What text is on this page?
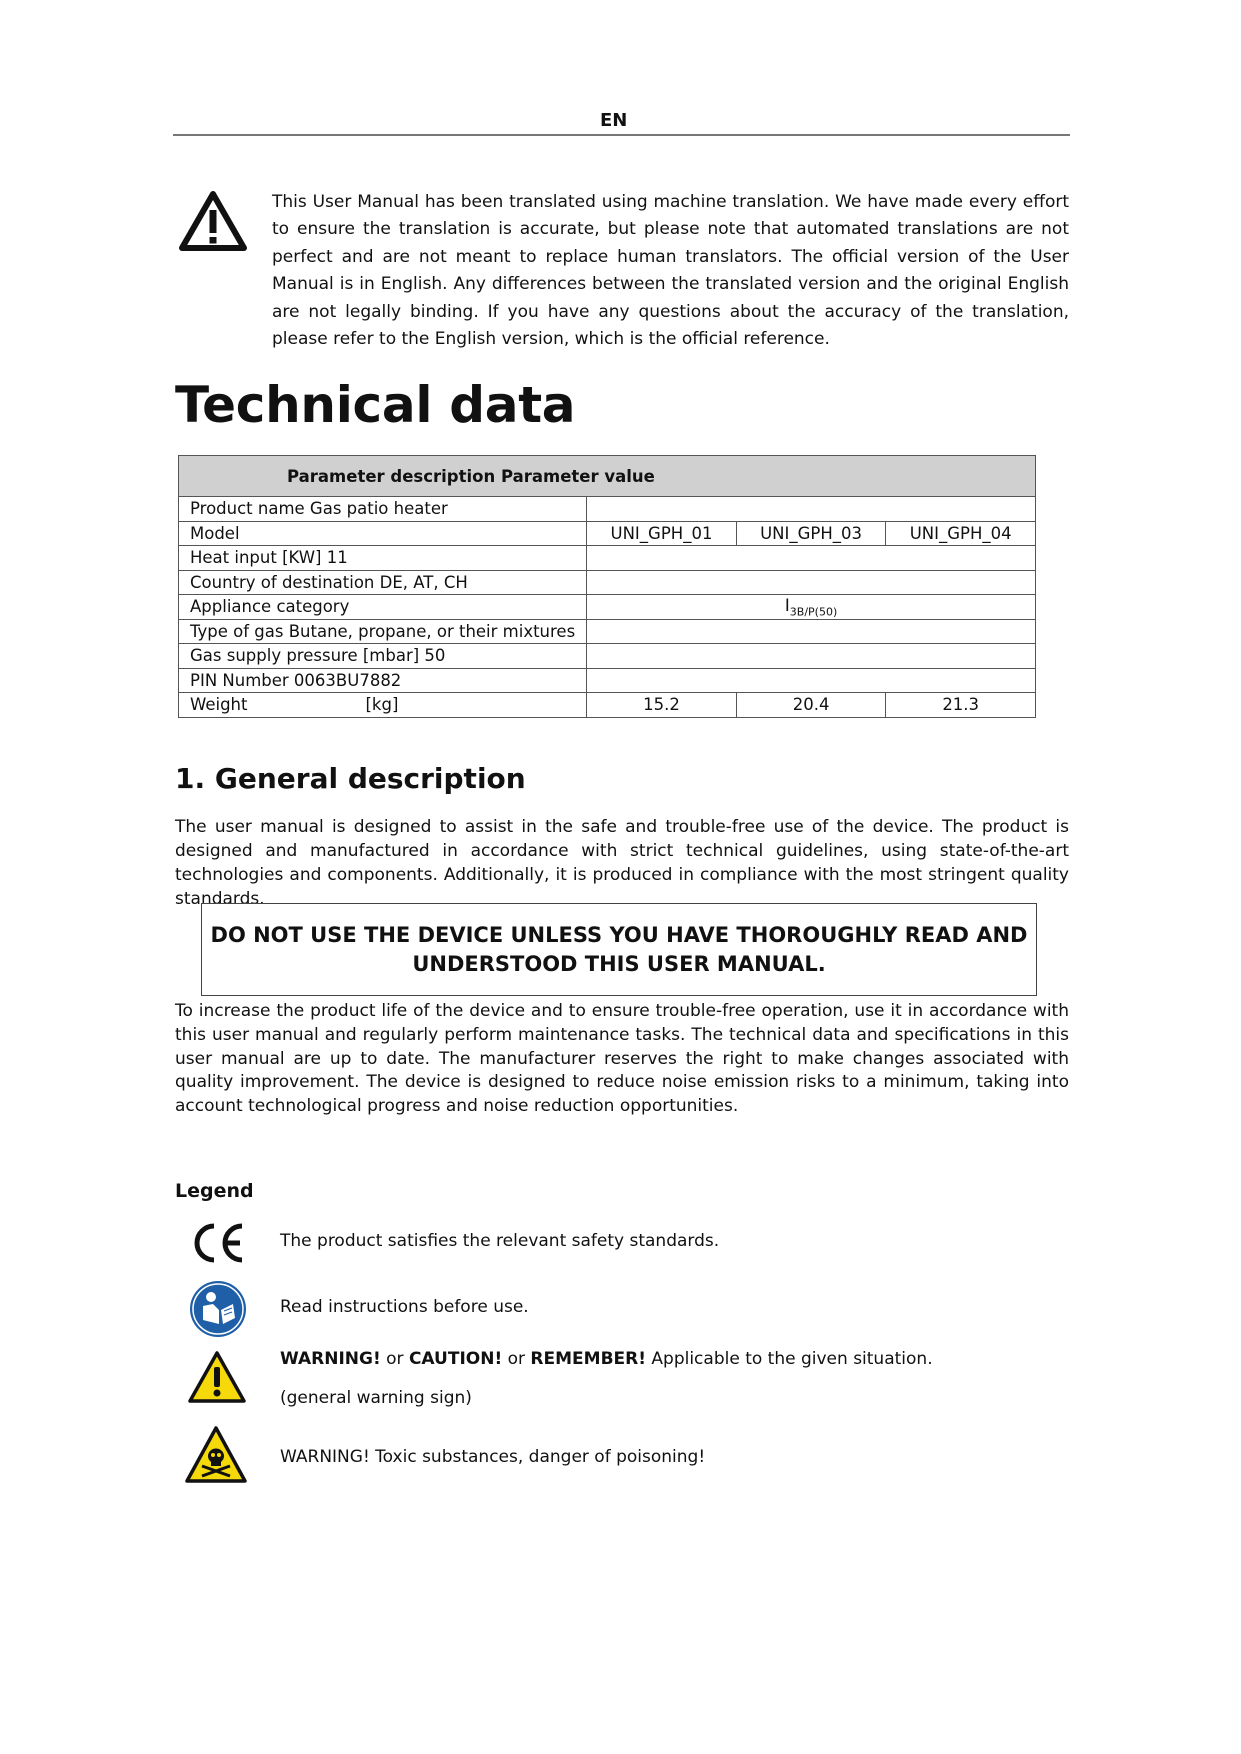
EN
This User Manual has been translated using machine translation. We have made every effort to ensure the translation is accurate, but please note that automated translations are not perfect and are not meant to replace human translators. The official version of the User Manual is in English. Any differences between the translated version and the original English are not legally binding. If you have any questions about the accuracy of the translation, please refer to the English version, which is the official reference.
Technical data
Parameter description Parameter value			
Product name Gas patio heater			
Model	UNI_GPH_01	UNI_GPH_03	UNI_GPH_04
Heat input [KW] 11			
Country of destination DE, AT, CH			
Appliance category	$I_{3B/P(50)}$
Type of gas Butane, propane, or their mixtures			
Gas supply pressure [mbar] 50			
PIN Number 0063BU7882			
Weight [kg]	15.2	20.4	21.3
1. General description
The user manual is designed to assist in the safe and trouble-free use of the device. The product is designed and manufactured in accordance with strict technical guidelines, using state-of-the-art technologies and components. Additionally, it is produced in compliance with the most stringent quality standards.
DO NOT USE THE DEVICE UNLESS YOU HAVE THOROUGHLY READ AND
UNDERSTOOD THIS USER MANUAL.
To increase the product life of the device and to ensure trouble-free operation, use it in accordance with this user manual and regularly perform maintenance tasks. The technical data and specifications in this user manual are up to date. The manufacturer reserves the right to make changes associated with quality improvement. The device is designed to reduce noise emission risks to a minimum, taking into account technological progress and noise reduction opportunities.
Legend
The product satisfies the relevant safety standards.
Read instructions before use.
WARNING! or CAUTION! or REMEMBER! Applicable to the given situation.
(general warning sign)
WARNING! Toxic substances, danger of poisoning!
